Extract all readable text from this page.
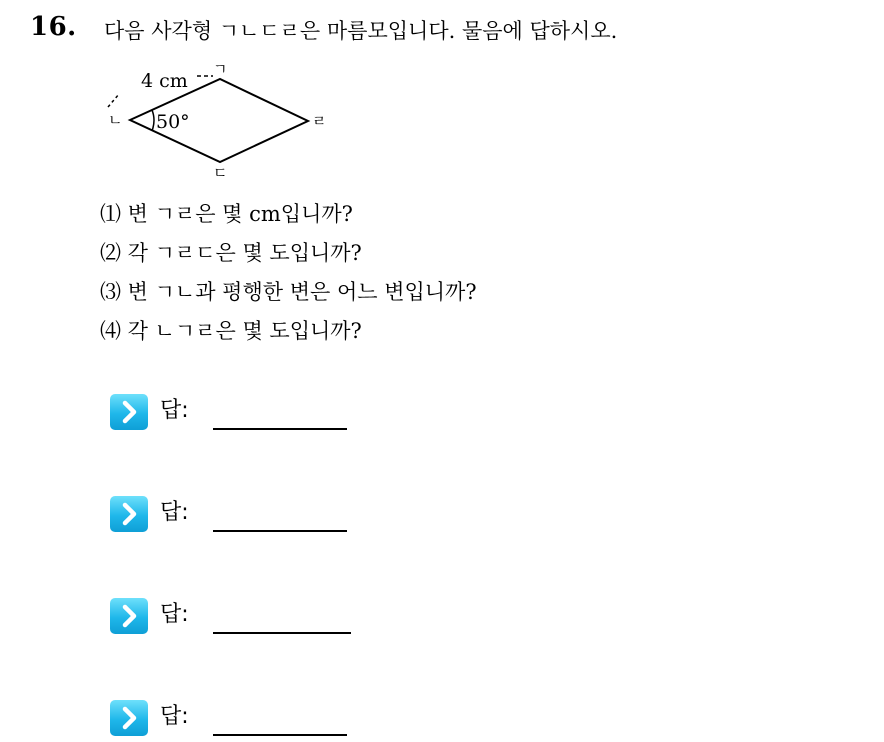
16. 다음 사각형 ㄱㄴㄷㄹ은 마름모입니다. 물음에 답하시오.
4 cm
50°
ㄱ
ㄴ	ㄹ
ㄷ
⑴ 변 ㄱㄹ은 몇 cm입니까?
⑵ 각 ㄱㄹㄷ은 몇 도입니까?
⑶ 변 ㄱㄴ과 평행한 변은 어느 변입니까?
⑷ 각 ㄴㄱㄹ은 몇 도입니까?
답:
답:
답:
답:
